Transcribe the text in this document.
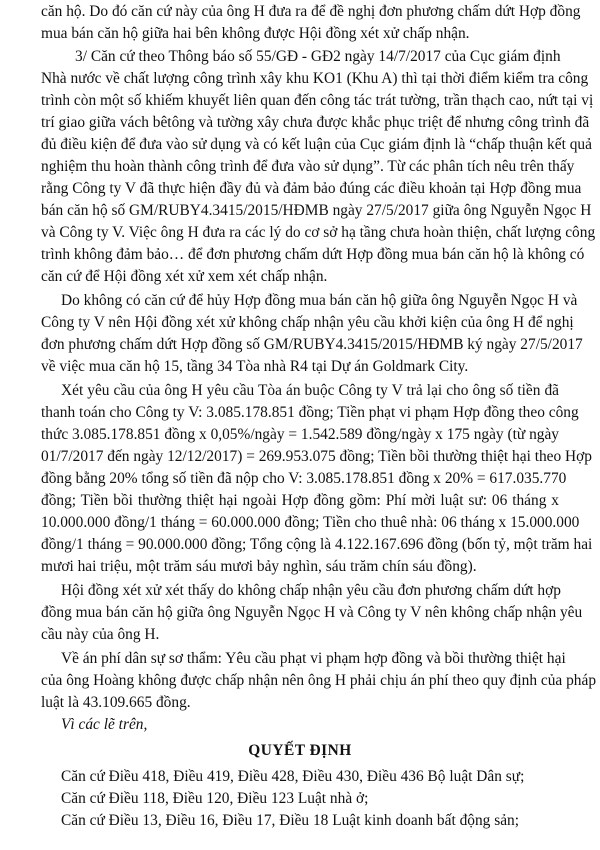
căn hộ. Do đó căn cứ này của ông H đưa ra để đề nghị đơn phương chấm dứt Hợp đồng
mua bán căn hộ giữa hai bên không được Hội đồng xét xử chấp nhận.
3/ Căn cứ theo Thông báo số 55/GĐ - GĐ2 ngày 14/7/2017 của Cục giám định
Nhà nước về chất lượng công trình xây khu KO1 (Khu A) thì tại thời điểm kiểm tra công
trình còn một số khiếm khuyết liên quan đến công tác trát tường, trần thạch cao, nứt tại vị
trí giao giữa vách bêtông và tường xây chưa được khắc phục triệt để nhưng công trình đã
đủ điều kiện để đưa vào sử dụng và có kết luận của Cục giám định là “chấp thuận kết quả
nghiệm thu hoàn thành công trình để đưa vào sử dụng”. Từ các phân tích nêu trên thấy
rằng Công ty V đã thực hiện đầy đủ và đảm bảo đúng các điều khoản tại Hợp đồng mua
bán căn hộ số GM/RUBY4.3415/2015/HĐMB ngày 27/5/2017 giữa ông Nguyễn Ngọc H
và Công ty V. Việc ông H đưa ra các lý do cơ sở hạ tầng chưa hoàn thiện, chất lượng công
trình không đảm bảo… để đơn phương chấm dứt Hợp đồng mua bán căn hộ là không có
căn cứ để Hội đồng xét xử xem xét chấp nhận.
Do không có căn cứ để hủy Hợp đồng mua bán căn hộ giữa ông Nguyễn Ngọc H và
Công ty V nên Hội đồng xét xử không chấp nhận yêu cầu khởi kiện của ông H để nghị
đơn phương chấm dứt Hợp đồng số GM/RUBY4.3415/2015/HĐMB ký ngày 27/5/2017
về việc mua căn hộ 15, tầng 34 Tòa nhà R4 tại Dự án Goldmark City.
Xét yêu cầu của ông H yêu cầu Tòa án buộc Công ty V trả lại cho ông số tiền đã
thanh toán cho Công ty V: 3.085.178.851 đồng; Tiền phạt vi phạm Hợp đồng theo công
thức 3.085.178.851 đồng x 0,05%/ngày = 1.542.589 đồng/ngày x 175 ngày (từ ngày
01/7/2017 đến ngày 12/12/2017) = 269.953.075 đồng; Tiền bồi thường thiệt hại theo Hợp
đồng bằng 20% tổng số tiền đã nộp cho V: 3.085.178.851 đồng x 20% = 617.035.770
đồng; Tiền bồi thường thiệt hại ngoài Hợp đồng gồm: Phí mời luật sư: 06 tháng x
10.000.000 đồng/1 tháng = 60.000.000 đồng; Tiền cho thuê nhà: 06 tháng x 15.000.000
đồng/1 tháng = 90.000.000 đồng; Tổng cộng là 4.122.167.696 đồng (bốn tỷ, một trăm hai
mươi hai triệu, một trăm sáu mươi bảy nghìn, sáu trăm chín sáu đồng).
Hội đồng xét xử xét thấy do không chấp nhận yêu cầu đơn phương chấm dứt hợp
đồng mua bán căn hộ giữa ông Nguyễn Ngọc H và Công ty V nên không chấp nhận yêu
cầu này của ông H.
Về án phí dân sự sơ thẩm: Yêu cầu phạt vi phạm hợp đồng và bồi thường thiệt hại
của ông Hoàng không được chấp nhận nên ông H phải chịu án phí theo quy định của pháp
luật là 43.109.665 đồng.
Vì các lẽ trên,
QUYẾT ĐỊNH
Căn cứ Điều 418, Điều 419, Điều 428, Điều 430, Điều 436 Bộ luật Dân sự;
Căn cứ Điều 118, Điều 120, Điều 123 Luật nhà ở;
Căn cứ Điều 13, Điều 16, Điều 17, Điều 18 Luật kinh doanh bất động sản;
